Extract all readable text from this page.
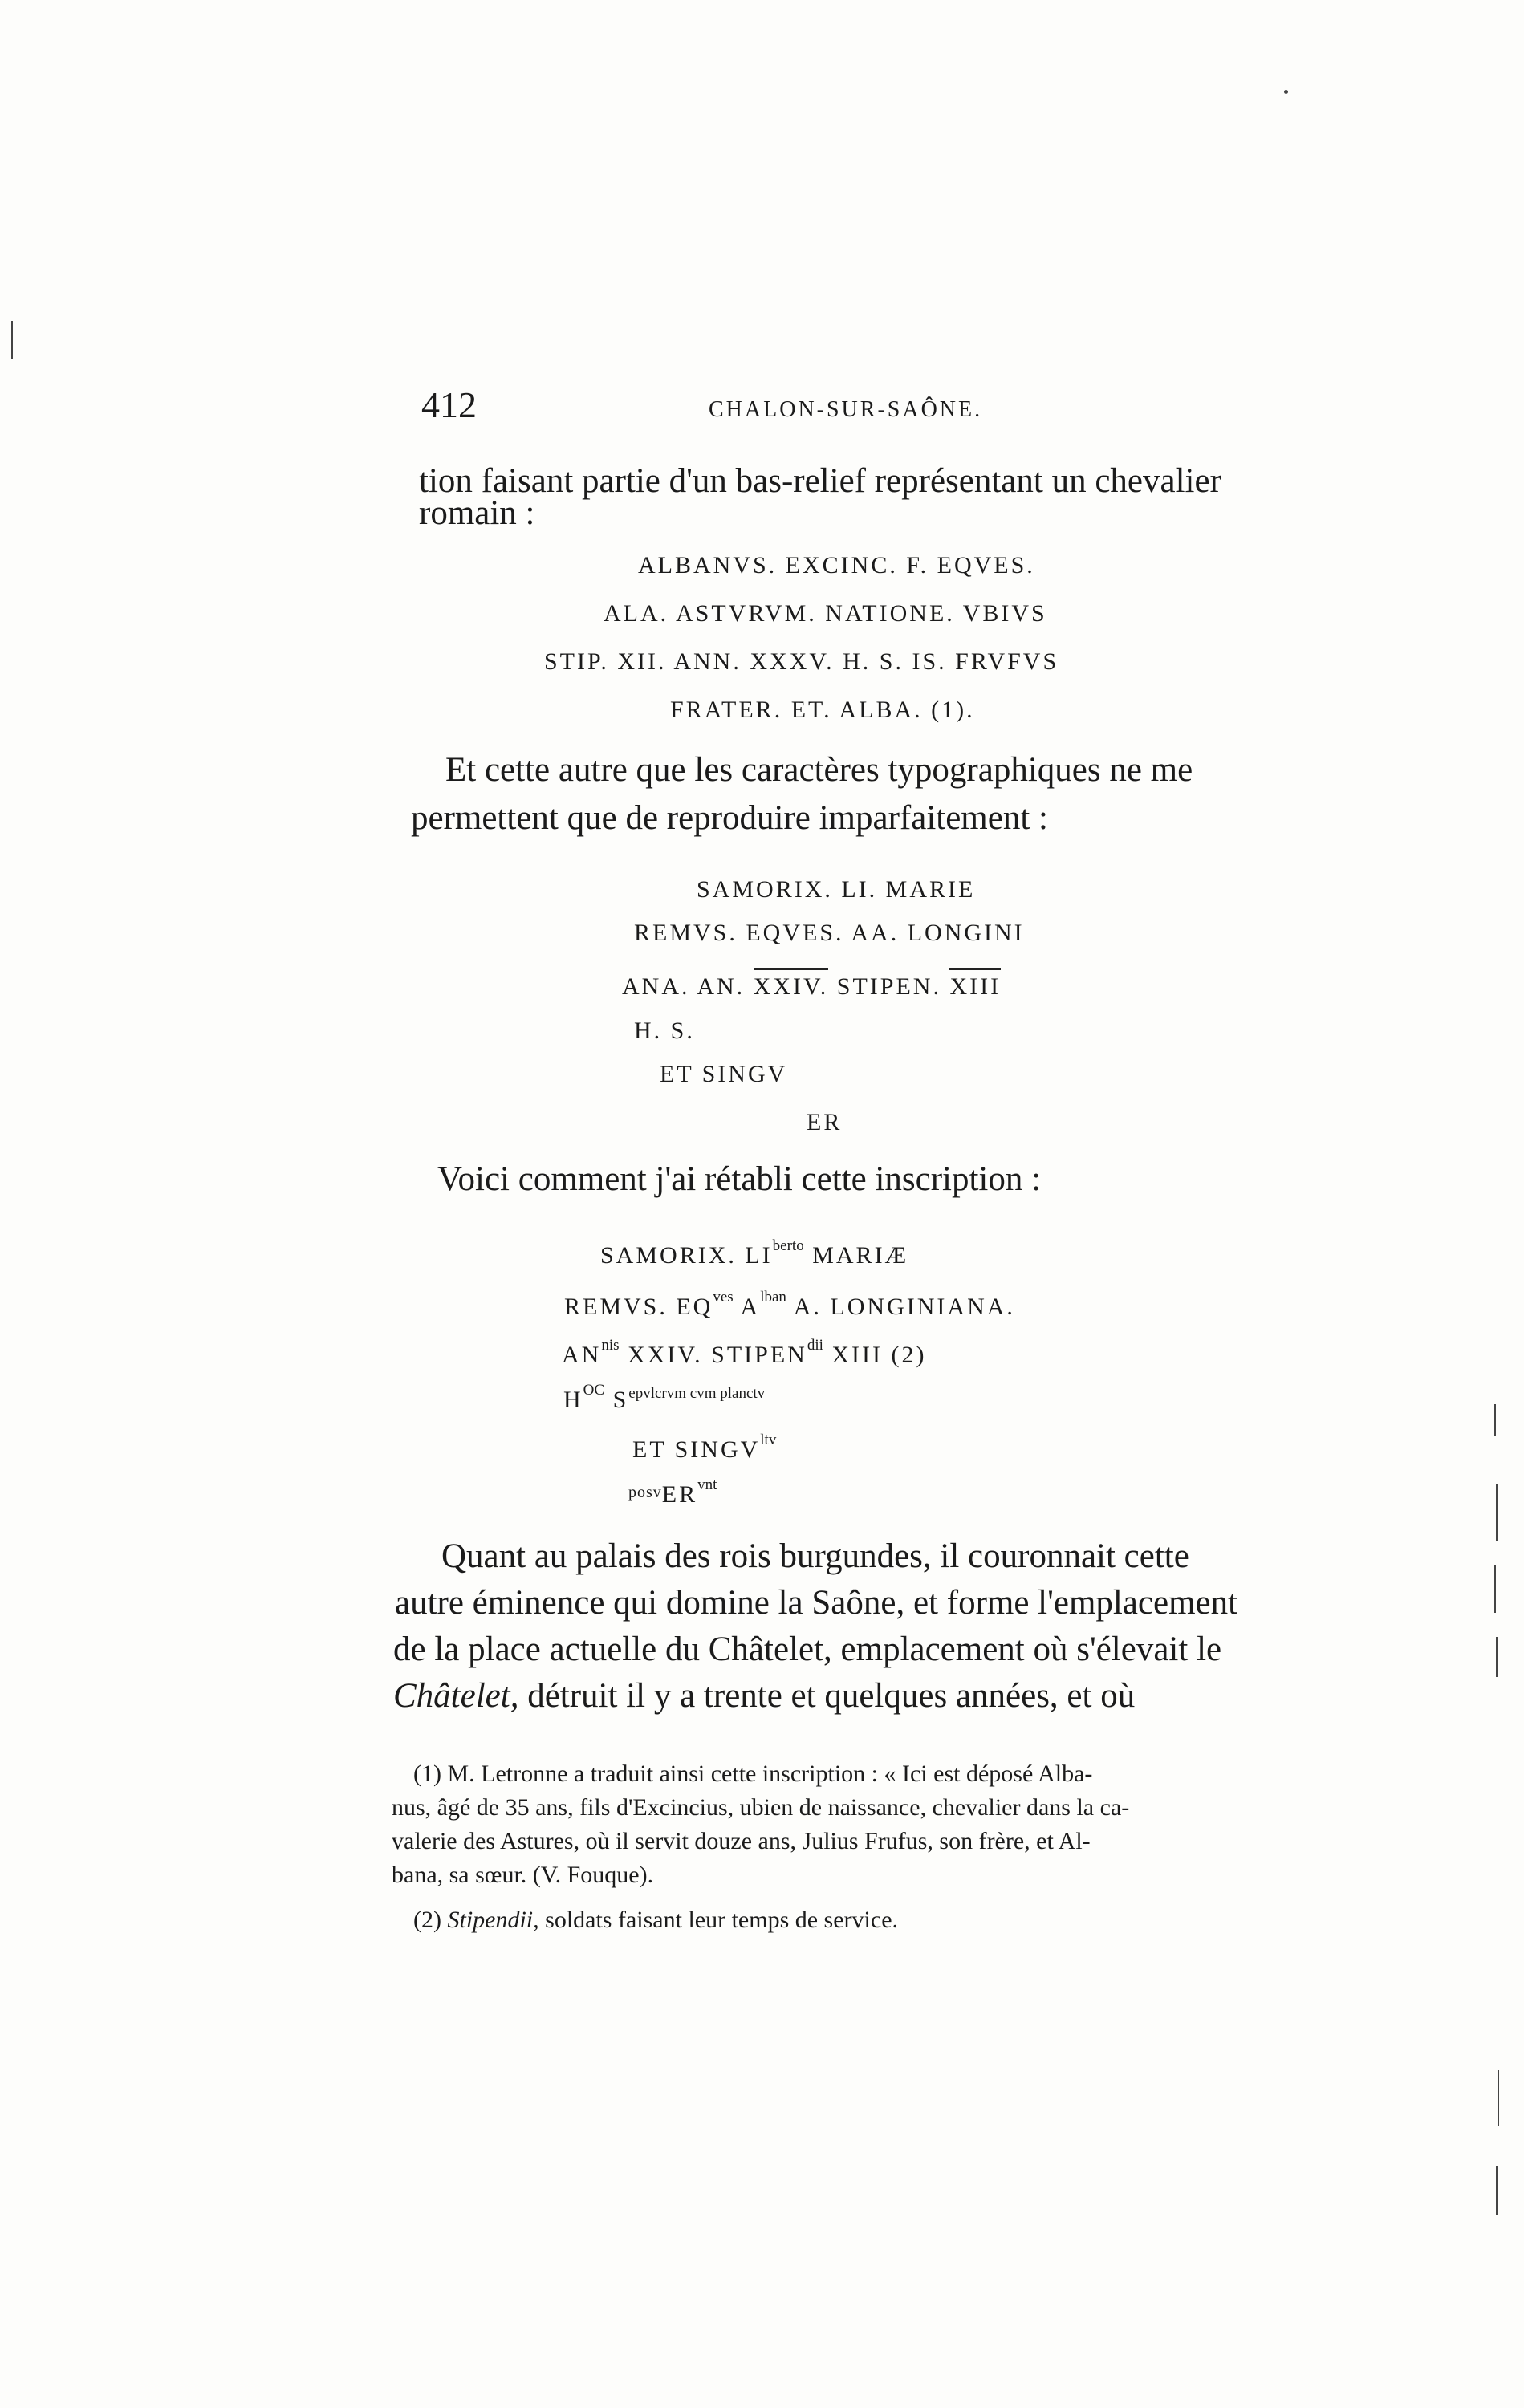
412	CHALON-SUR-SAÔNE.
tion faisant partie d'un bas-relief représentant un chevalier
romain :
ALBANVS. EXCINC. F. EQVES.
ALA. ASTVRVM. NATIONE. VBIVS
STIP. XII. ANN. XXXV. H. S. IS. FRVFVS
FRATER. ET. ALBA. (1).
Et cette autre que les caractères typographiques ne me
permettent que de reproduire imparfaitement :
SAMORIX. LI. MARIE
REMVS. EQVES. AA. LONGINI
ANA. AN. XXIV. STIPEN. XIII
H. S.
ET SINGV
ER
Voici comment j'ai rétabli cette inscription :
SAMORIX. $LI^{berto}$ MARIÆ
REMVS. $EQ^{ves}$ $A^{lban}$ A. LONGINIANA.
$AN^{nis}$ XXIV. $STIPEN^{dii}$ XIII (2)
$H^{OC}$ $S^{epvlcrvm cvm planctv}$
ET $SINGV^{ltv}$
$^{posv}ER^{vnt}$
Quant au palais des rois burgundes, il couronnait cette
autre éminence qui domine la Saône, et forme l'emplacement
de la place actuelle du Châtelet, emplacement où s'élevait le
Châtelet, détruit il y a trente et quelques années, et où
(1) M. Letronne a traduit ainsi cette inscription : « Ici est déposé Alba-
nus, âgé de 35 ans, fils d'Excincius, ubien de naissance, chevalier dans la ca-
valerie des Astures, où il servit douze ans, Julius Frufus, son frère, et Al-
bana, sa sœur. (V. Fouque).
(2) Stipendii, soldats faisant leur temps de service.
